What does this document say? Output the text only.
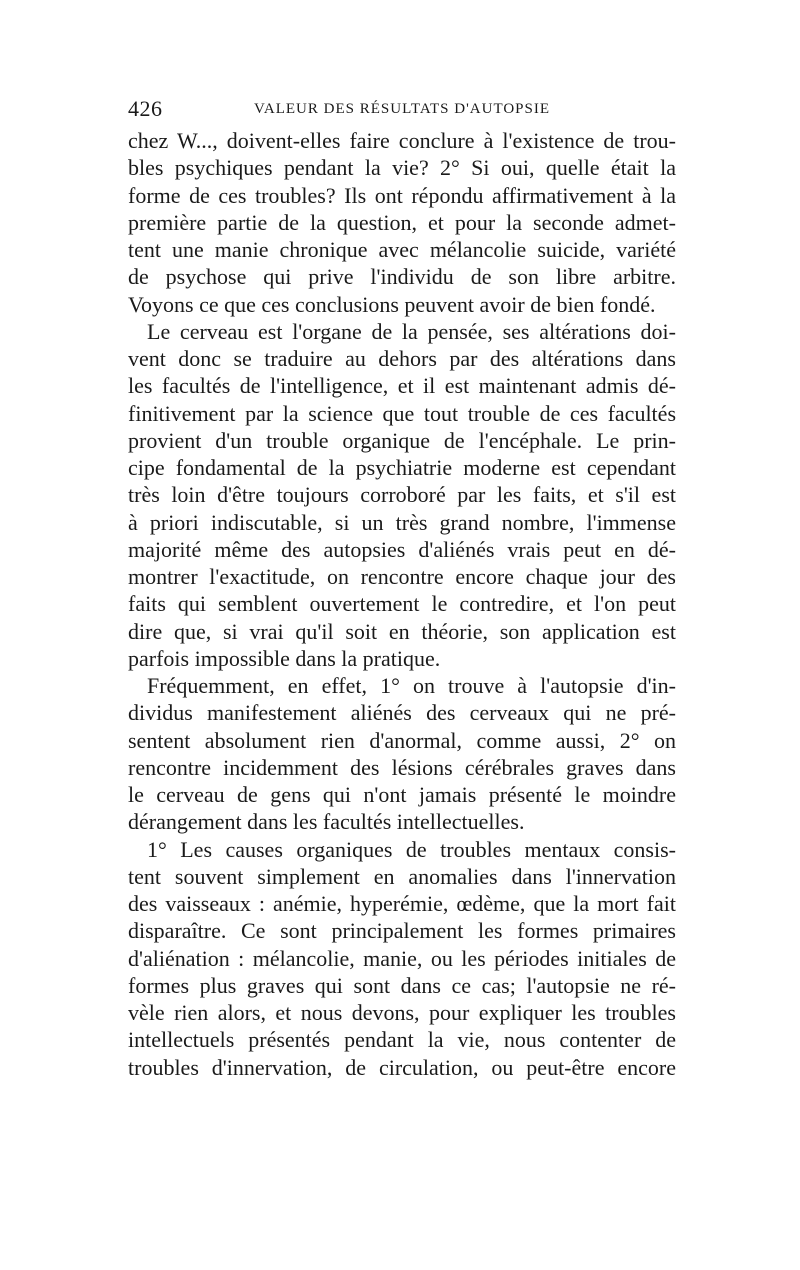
426	VALEUR DES RÉSULTATS D'AUTOPSIE
chez W..., doivent-elles faire conclure à l'existence de trou-
bles psychiques pendant la vie? 2° Si oui, quelle était la
forme de ces troubles? Ils ont répondu affirmativement à la
première partie de la question, et pour la seconde admet-
tent une manie chronique avec mélancolie suicide, variété
de psychose qui prive l'individu de son libre arbitre.
Voyons ce que ces conclusions peuvent avoir de bien fondé.
Le cerveau est l'organe de la pensée, ses altérations doi-
vent donc se traduire au dehors par des altérations dans
les facultés de l'intelligence, et il est maintenant admis dé-
finitivement par la science que tout trouble de ces facultés
provient d'un trouble organique de l'encéphale. Le prin-
cipe fondamental de la psychiatrie moderne est cependant
très loin d'être toujours corroboré par les faits, et s'il est
à priori indiscutable, si un très grand nombre, l'immense
majorité même des autopsies d'aliénés vrais peut en dé-
montrer l'exactitude, on rencontre encore chaque jour des
faits qui semblent ouvertement le contredire, et l'on peut
dire que, si vrai qu'il soit en théorie, son application est
parfois impossible dans la pratique.
Fréquemment, en effet, 1° on trouve à l'autopsie d'in-
dividus manifestement aliénés des cerveaux qui ne pré-
sentent absolument rien d'anormal, comme aussi, 2° on
rencontre incidemment des lésions cérébrales graves dans
le cerveau de gens qui n'ont jamais présenté le moindre
dérangement dans les facultés intellectuelles.
1° Les causes organiques de troubles mentaux consis-
tent souvent simplement en anomalies dans l'innervation
des vaisseaux : anémie, hyperémie, œdème, que la mort fait
disparaître. Ce sont principalement les formes primaires
d'aliénation : mélancolie, manie, ou les périodes initiales de
formes plus graves qui sont dans ce cas; l'autopsie ne ré-
vèle rien alors, et nous devons, pour expliquer les troubles
intellectuels présentés pendant la vie, nous contenter de
troubles d'innervation, de circulation, ou peut-être encore
